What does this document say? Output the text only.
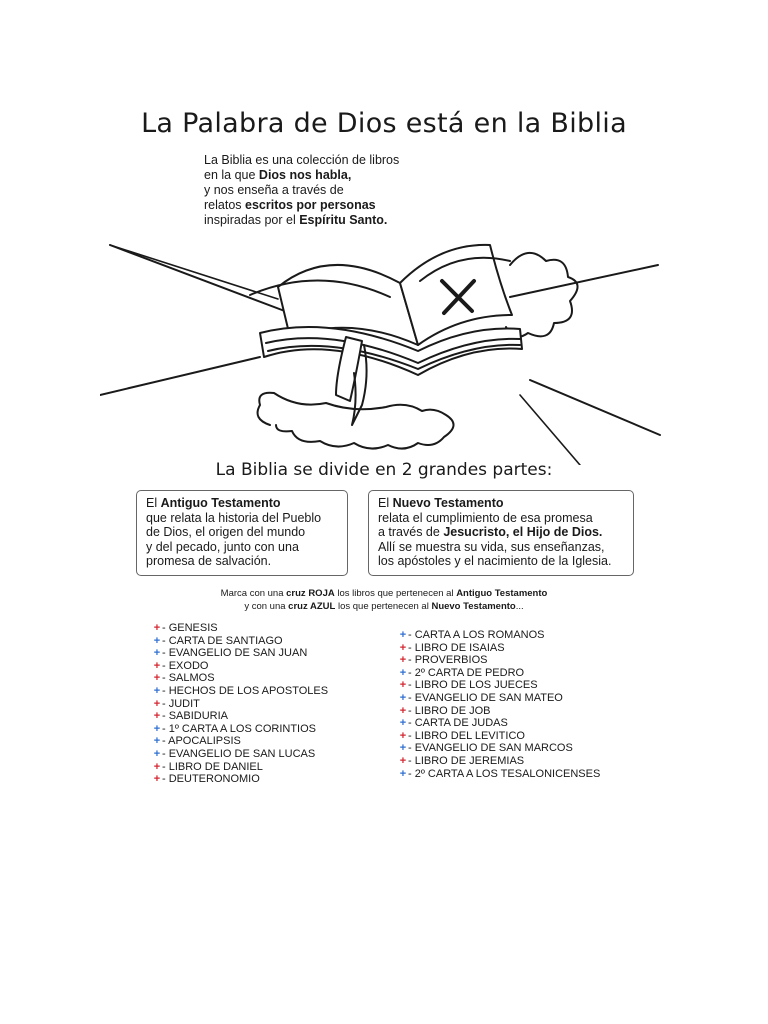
La Palabra de Dios está en la Biblia
La Biblia es una colección de libros
en la que Dios nos habla,
y nos enseña a través de
relatos escritos por personas
inspiradas por el Espíritu Santo.
La Biblia se divide en 2 grandes partes:
El Antiguo Testamento
que relata la historia del Pueblo
de Dios, el origen del mundo
y del pecado, junto con una
promesa de salvación.
El Nuevo Testamento
relata el cumplimiento de esa promesa
a través de Jesucristo, el Hijo de Dios.
Allí se muestra su vida, sus enseñanzas,
los apóstoles y el nacimiento de la Iglesia.
Marca con una cruz ROJA los libros que pertenecen al Antiguo Testamento
y con una cruz AZUL los que pertenecen al Nuevo Testamento...
+ - GENESIS
+ - CARTA DE SANTIAGO
+ - EVANGELIO DE SAN JUAN
+ - EXODO
+ - SALMOS
+ - HECHOS DE LOS APOSTOLES
+ - JUDIT
+ - SABIDURIA
+ - 1º CARTA A LOS CORINTIOS
+ - APOCALIPSIS
+ - EVANGELIO DE SAN LUCAS
+ - LIBRO DE DANIEL
+ - DEUTERONOMIO
+ - CARTA A LOS ROMANOS
+ - LIBRO DE ISAIAS
+ - PROVERBIOS
+ - 2º CARTA DE PEDRO
+ - LIBRO DE LOS JUECES
+ - EVANGELIO DE SAN MATEO
+ - LIBRO DE JOB
+ - CARTA DE JUDAS
+ - LIBRO DEL LEVITICO
+ - EVANGELIO DE SAN MARCOS
+ - LIBRO DE JEREMIAS
+ - 2º CARTA A LOS TESALONICENSES
